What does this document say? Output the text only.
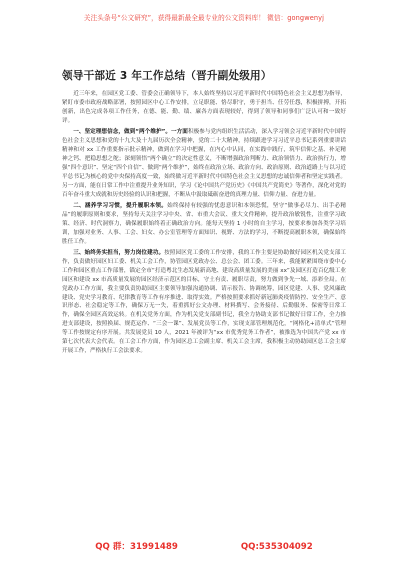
关注头条号“公文研究”，获得最新最全最专业的公文资料库！ 微信：gongwenyj
领导干部近 3 年工作总结（晋升副处级用）

近三年来，在园区党工委、管委会正确领导下，本人始终坚持以习近平新时代中国特色社会主义思想为指导，紧盯市委市政府战略部署，按照园区中心工作安排，立足职能、恪尽职守，勇于担当、任劳任怨，积极拼搏，开拓创新，出色完成各项工作任务，在德、能、勤、绩、廉各方面表现较好，得到了领导和同事们广泛认可和一致好评。

一、坚定理想信念，做到“两个维护”。一方面积极参与党内组织生活活动，深入学习领会习近平新时代中国特色社会主义思想和党的十九大及十九届历次全会精神，党的二十大精神，持续跟进学习习近平总书记系列重要讲话精神和对 xx 工作重要指示批示精神，做到在学习中把握，在内心中认同，在实践中践行，筑牢信仰之基、补足精神之钙、把稳思想之舵；深刻领悟“两个确立”的决定性意义，不断增强政治判断力、政治领悟力、政治执行力，增强“四个意识”、坚定“四个自信”、做到“两个维护”，始终在政治立场、政治方向、政治原则、政治道路上与以习近平总书记为核心的党中央保持高度一致，始终做习近平新时代中国特色社会主义思想的忠诚信仰者和坚定实践者。另一方面，能在日常工作中注重提升业务知识，学习《论中国共产党历史》《中国共产党简史》等著作，深化对党的百年奋斗重大成就和历史经验的认识和把握，不断从中汲取砥砺奋进的真理力量、信仰力量、奋进力量。

二、涵养学习习惯，提升履职本领。始终保持有较强的忧患意识和本领恐慌，坚守“做事必尽力、出手必精品”的履职原则和要求，坚持每天关注学习中央、省、市重大会议、重大文件精神，提升政治敏锐性，注重学习政策、经济、时代洞察力，确保履职始终着正确政治方向。能每天坚持 1 小时的自主学习，按要求参加各类学习培训，加强对业务、人事、工会、妇女、办公室管理等方面知识、视野、方法的学习，不断提高履职本领，确保始终胜任工作。

三、始终务实担当，努力岗位建功。按照园区党工委的工作安排，我的工作主要是协助做好园区机关党支部工作，负责做好园区妇工委、机关工会工作，协管园区党政办公、总公会、团工委。三年来，我能紧紧围绕市委中心工作和园区重点工作部署，锚定全市“打造粤北生态发展新高地、建设高质量发展的美丽 xx”及园区打造百亿级工业园区和建设 xx 市高质量发展的园区经济示范区的目标，守土有责、履职尽责，努力做到争先一域、添彩全局。在党政办工作方面，我主要负责协助园区主要领导加强沟通协调、请示报告、协调统筹，园区党建、人事、党风廉政建设、党史学习教育、纪律教育等工作有序推进、取得实效。严格按照要求抓好新冠肺炎疫情防控、安全生产、意识形态、社会稳定等工作，确保万无一失，着重抓好公文办理、材料撰写、会务接待、后勤服务、保密等日常工作，确保全园区高效运转。在机关党务方面，作为机关党支部副书记，我全力协助支部书记做好日常工作，全力推进支部建设，按照换届、规范运作、“三会一课”、发展党员等工作，实现支部管理规范化，“网格化+清单式”管理等工作按规定有序开展。共发展党员 10 人，2021 年被评为“xx 市优秀党务工作者”，被推选为中国共产党 xx 市第七次代表大会代表。在工会工作方面，作为园区总工会副主席、机关工会主席，我积极主动协助园区总工会主席开展工作，严格执行工会法要求。

QQ 群：31991489	QQ:535304092
